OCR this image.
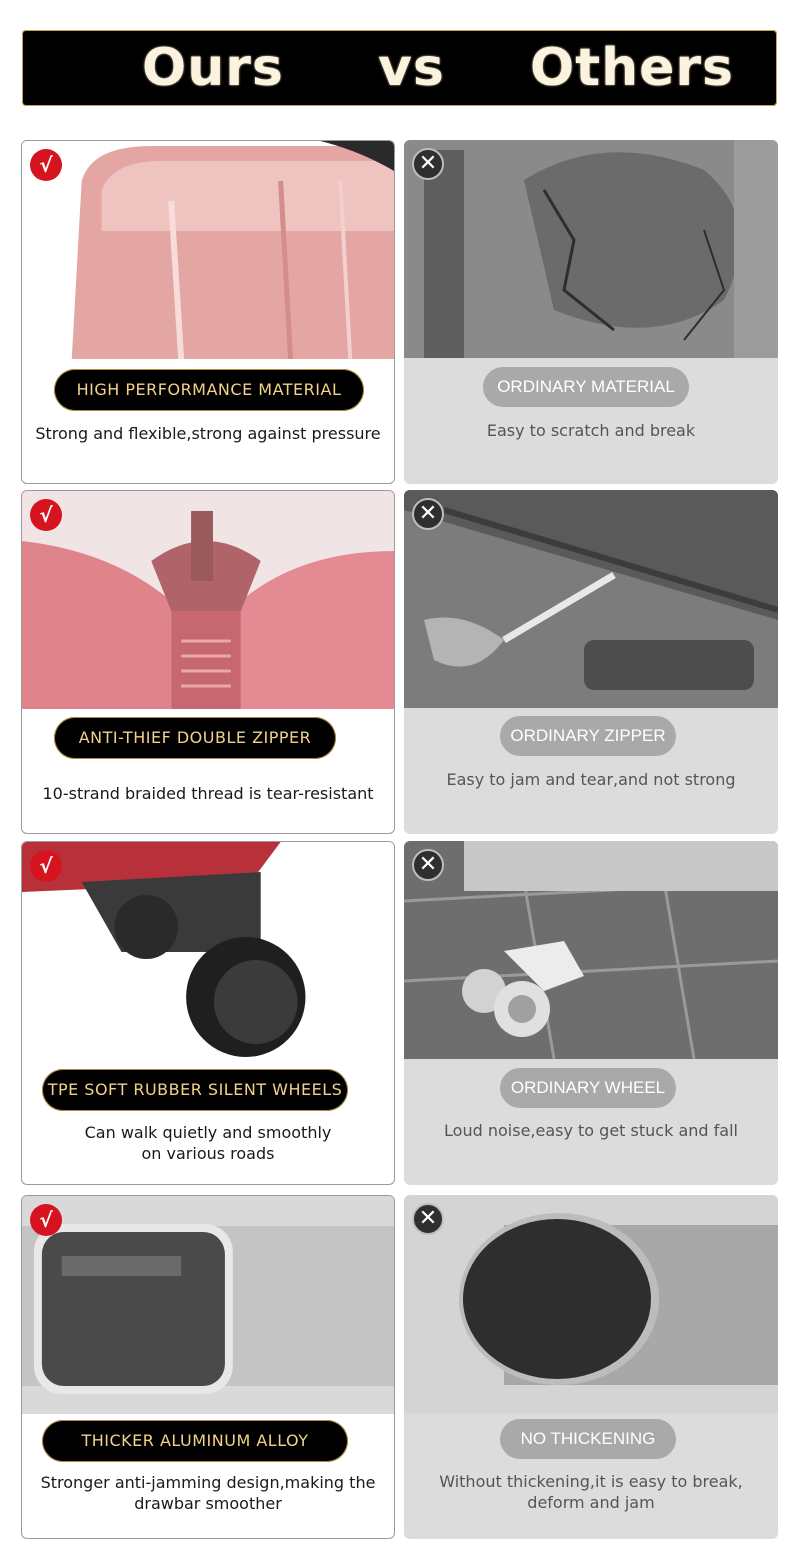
Ours vs Others
√
HIGH PERFORMANCE MATERIAL
Strong and flexible,strong against pressure
✕
ORDINARY MATERIAL
Easy to scratch and break
√
ANTI-THIEF DOUBLE ZIPPER
10-strand braided thread is tear-resistant
✕
ORDINARY ZIPPER
Easy to jam and tear,and not strong
√
TPE SOFT RUBBER SILENT WHEELS
Can walk quietly and smoothly
on various roads
✕
ORDINARY WHEEL
Loud noise,easy to get stuck and fall
√
THICKER ALUMINUM ALLOY
Stronger anti-jamming design,making the
drawbar smoother
✕
NO THICKENING
Without thickening,it is easy to break,
deform and jam
